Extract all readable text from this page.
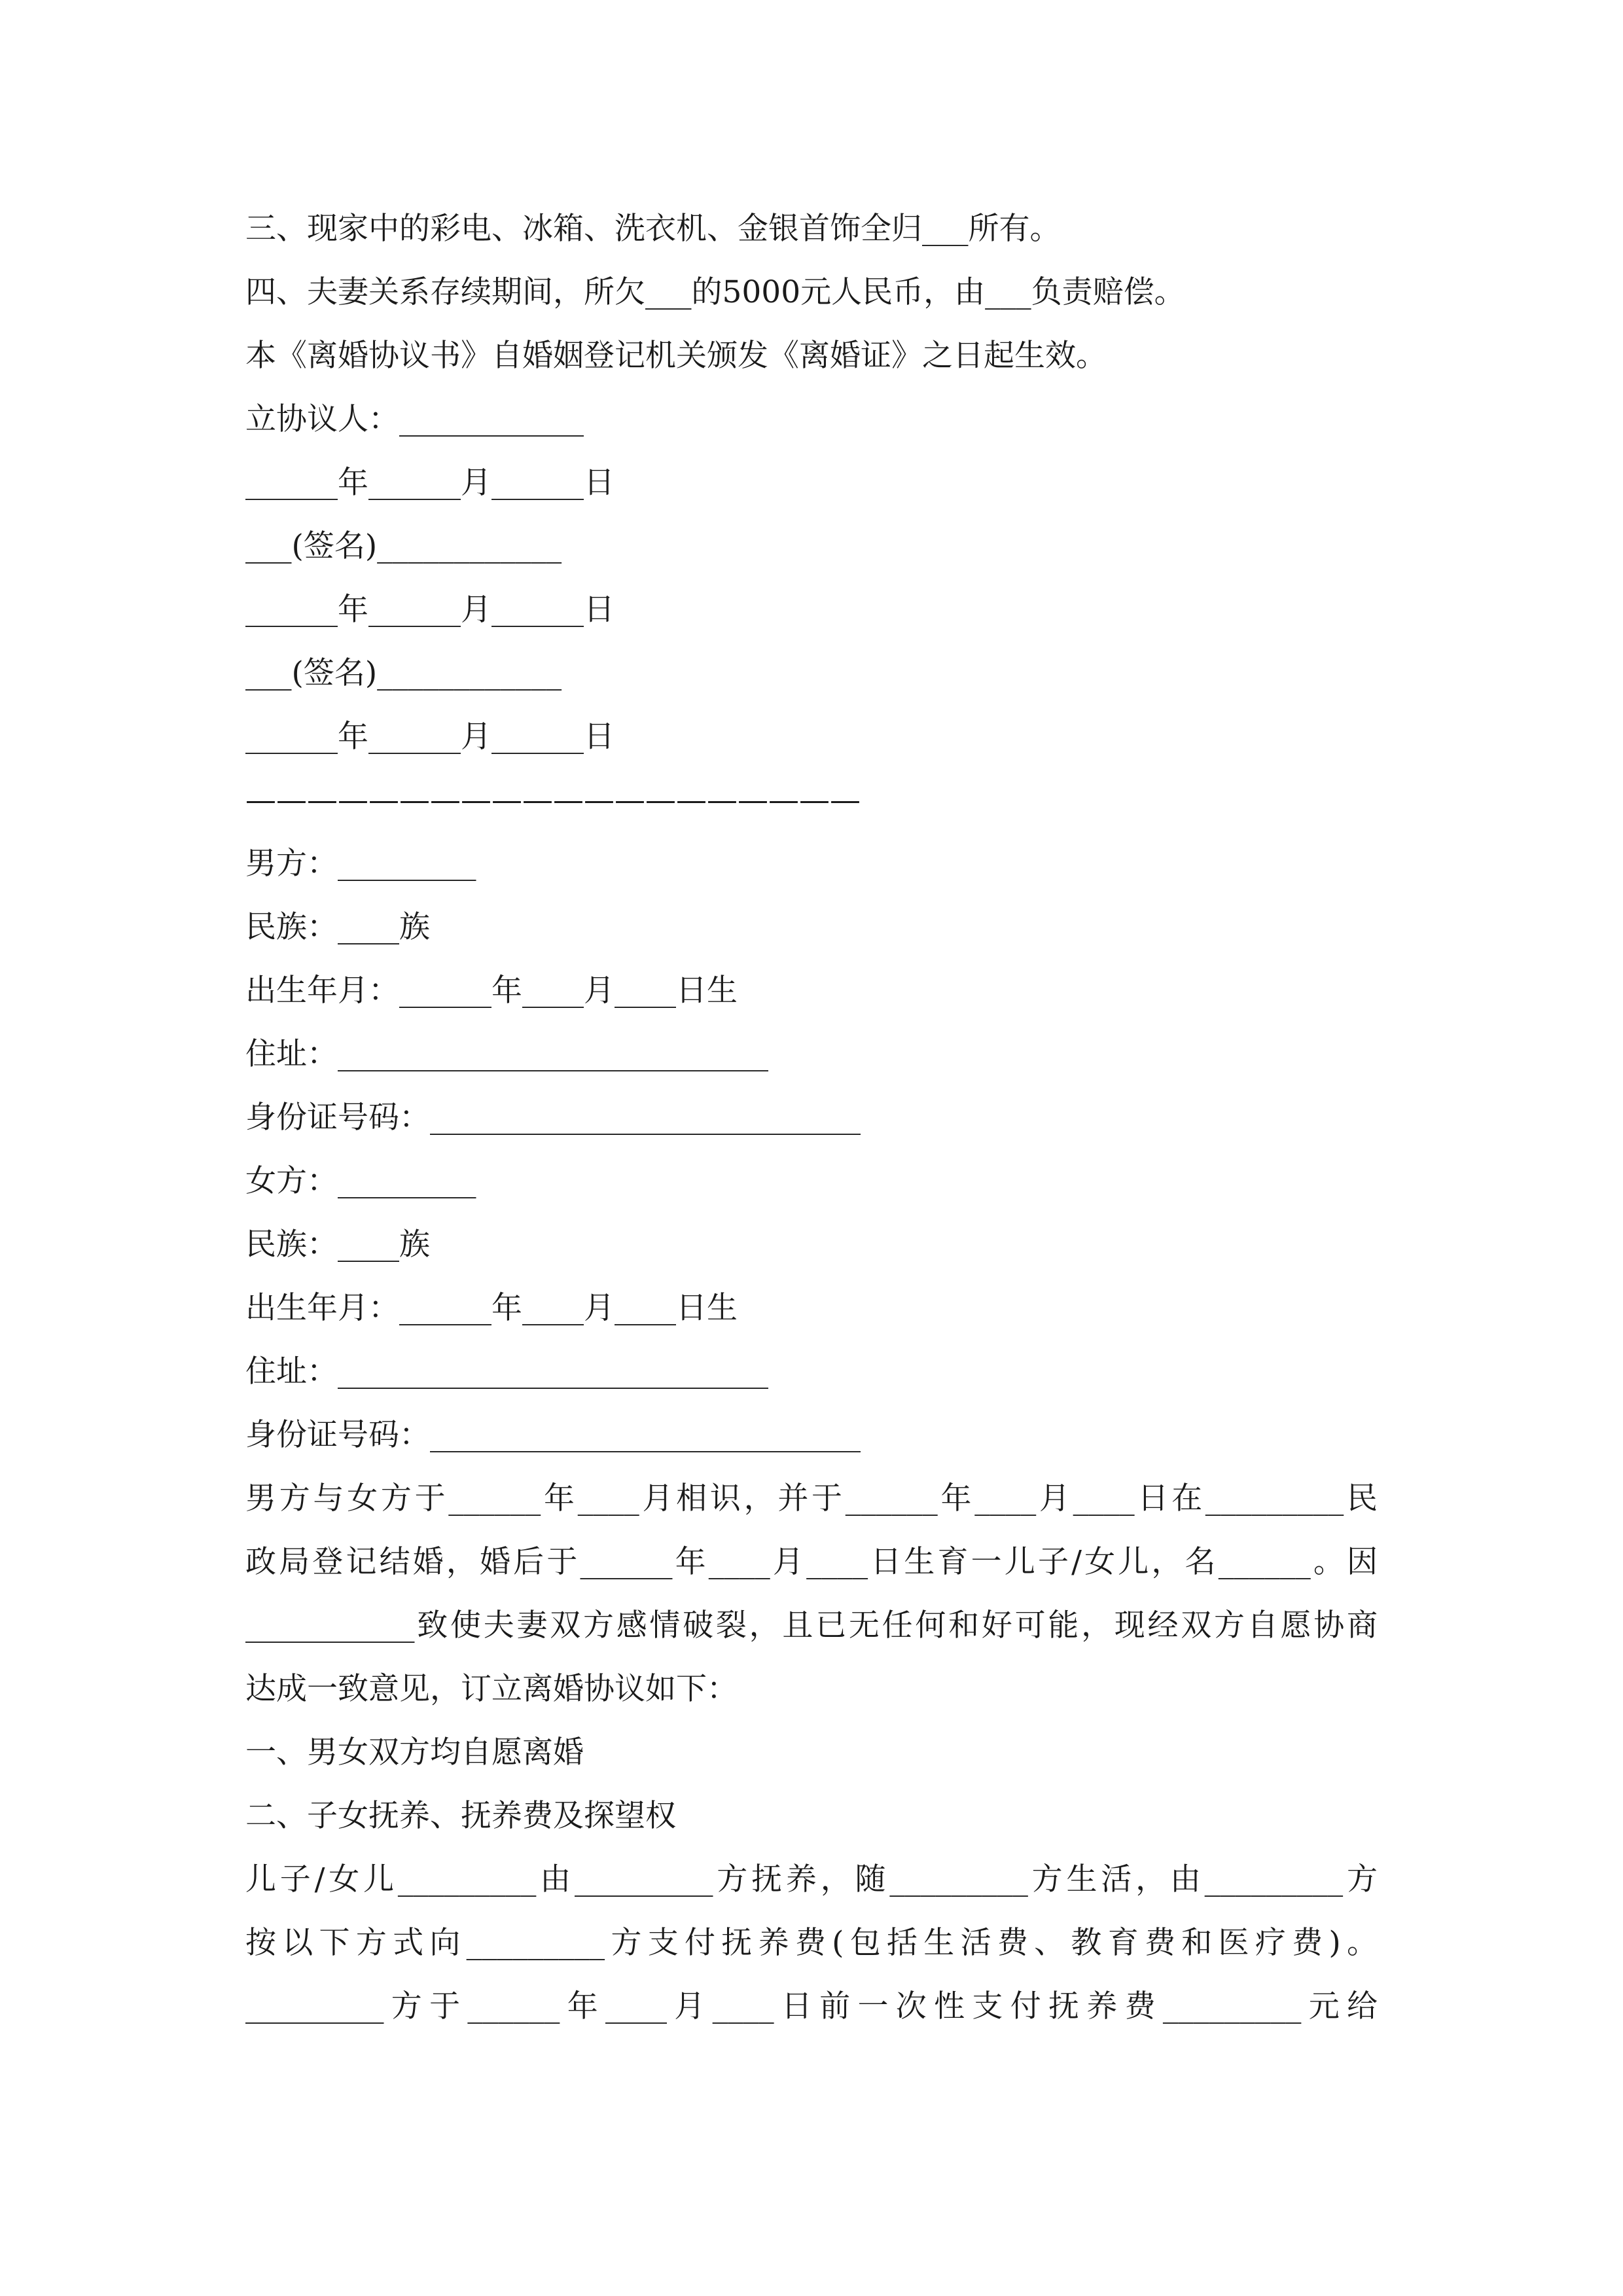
三、现家中的彩电、冰箱、洗衣机、金银首饰全归___所有。
四、夫妻关系存续期间，所欠___的5000元人民币，由___负责赔偿。
本《离婚协议书》自婚姻登记机关颁发《离婚证》之日起生效。
立协议人：____________
______年______月______日
___(签名)____________
______年______月______日
___(签名)____________
______年______月______日
————————————————————
男方：_________
民族：____族
出生年月：______年____月____日生
住址：____________________________
身份证号码：____________________________
女方：_________
民族：____族
出生年月：______年____月____日生
住址：____________________________
身份证号码：____________________________
男方与女方于______年____月相识，并于______年____月____日在_________民
政局登记结婚，婚后于______年____月____日生育一儿子/女儿，名______。因
___________致使夫妻双方感情破裂，且已无任何和好可能，现经双方自愿协商
达成一致意见，订立离婚协议如下：
一、男女双方均自愿离婚
二、子女抚养、抚养费及探望权
儿子/女儿_________由_________方抚养，随_________方生活，由_________方
按以下方式向_________方支付抚养费(包括生活费、教育费和医疗费)。
_________方于______年____月____日前一次性支付抚养费_________元给
